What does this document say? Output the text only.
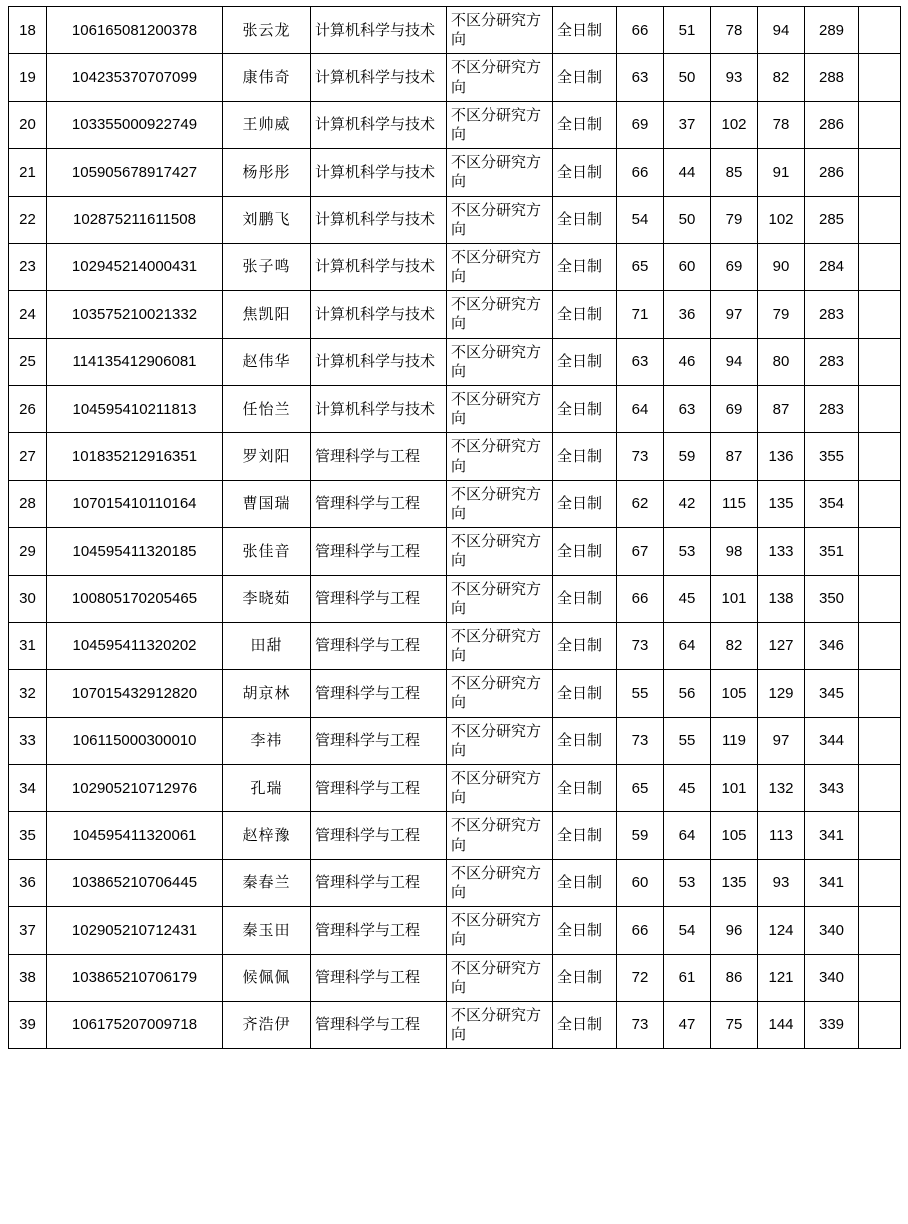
18	106165081200378	张云龙	计算机科学与技术	不区分研究方向	全日制	66	51	78	94	289	
19	104235370707099	康伟奇	计算机科学与技术	不区分研究方向	全日制	63	50	93	82	288	
20	103355000922749	王帅威	计算机科学与技术	不区分研究方向	全日制	69	37	102	78	286	
21	105905678917427	杨彤彤	计算机科学与技术	不区分研究方向	全日制	66	44	85	91	286	
22	102875211611508	刘鹏飞	计算机科学与技术	不区分研究方向	全日制	54	50	79	102	285	
23	102945214000431	张子鸣	计算机科学与技术	不区分研究方向	全日制	65	60	69	90	284	
24	103575210021332	焦凯阳	计算机科学与技术	不区分研究方向	全日制	71	36	97	79	283	
25	114135412906081	赵伟华	计算机科学与技术	不区分研究方向	全日制	63	46	94	80	283	
26	104595410211813	任怡兰	计算机科学与技术	不区分研究方向	全日制	64	63	69	87	283	
27	101835212916351	罗刘阳	管理科学与工程	不区分研究方向	全日制	73	59	87	136	355	
28	107015410110164	曹国瑞	管理科学与工程	不区分研究方向	全日制	62	42	115	135	354	
29	104595411320185	张佳音	管理科学与工程	不区分研究方向	全日制	67	53	98	133	351	
30	100805170205465	李晓茹	管理科学与工程	不区分研究方向	全日制	66	45	101	138	350	
31	104595411320202	田甜	管理科学与工程	不区分研究方向	全日制	73	64	82	127	346	
32	107015432912820	胡京林	管理科学与工程	不区分研究方向	全日制	55	56	105	129	345	
33	106115000300010	李祎	管理科学与工程	不区分研究方向	全日制	73	55	119	97	344	
34	102905210712976	孔瑞	管理科学与工程	不区分研究方向	全日制	65	45	101	132	343	
35	104595411320061	赵梓豫	管理科学与工程	不区分研究方向	全日制	59	64	105	113	341	
36	103865210706445	秦春兰	管理科学与工程	不区分研究方向	全日制	60	53	135	93	341	
37	102905210712431	秦玉田	管理科学与工程	不区分研究方向	全日制	66	54	96	124	340	
38	103865210706179	候佩佩	管理科学与工程	不区分研究方向	全日制	72	61	86	121	340	
39	106175207009718	齐浩伊	管理科学与工程	不区分研究方向	全日制	73	47	75	144	339	
